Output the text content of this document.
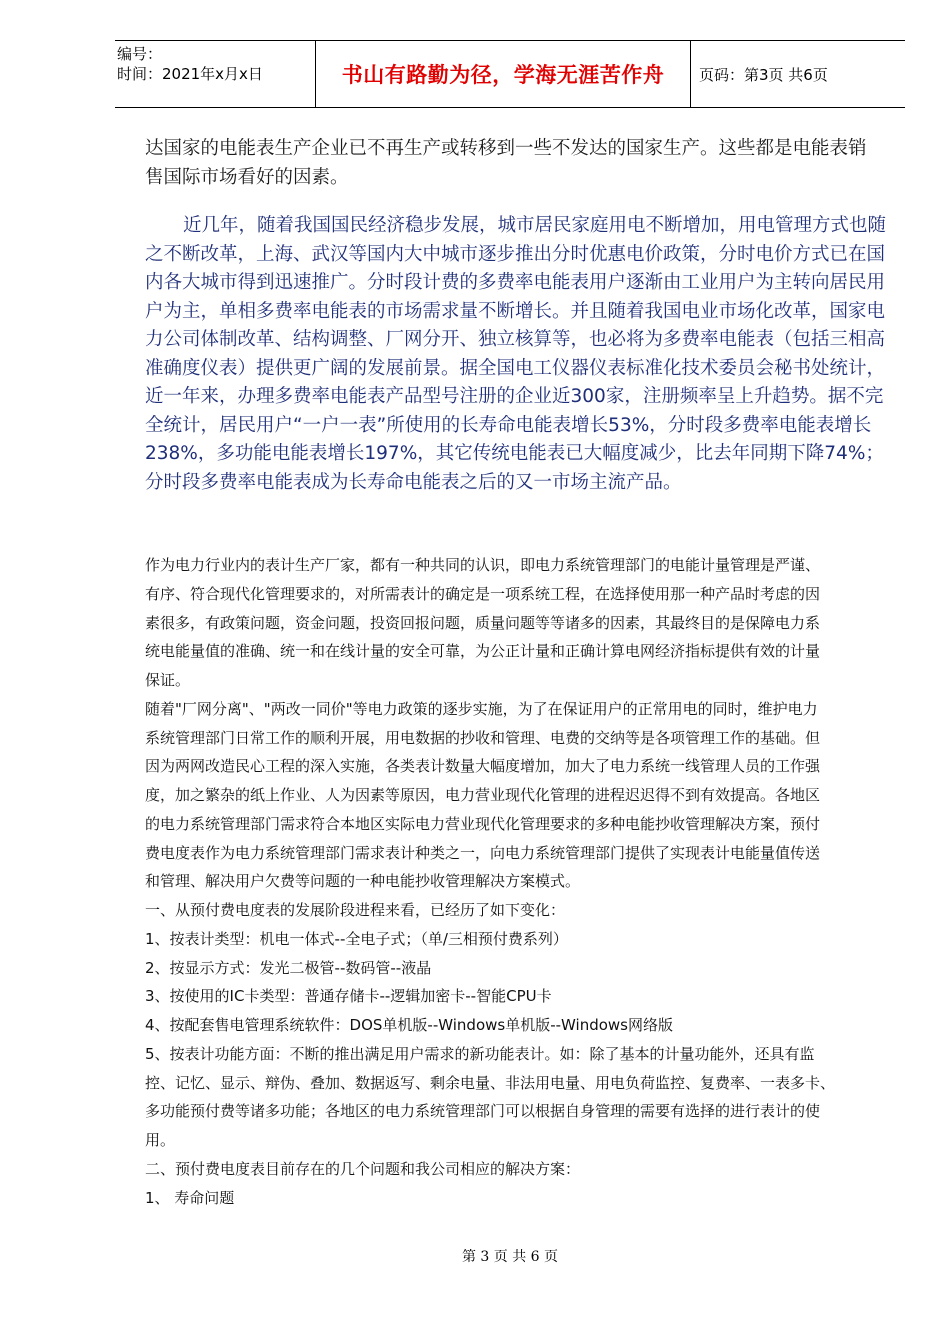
编号：
时间：2021年x月x日	书山有路勤为径，学海无涯苦作舟	页码：第3页 共6页
达国家的电能表生产企业已不再生产或转移到一些不发达的国家生产。这些都是电能表销售国际市场看好的因素。
近几年，随着我国国民经济稳步发展，城市居民家庭用电不断增加，用电管理方式也随之不断改革，上海、武汉等国内大中城市逐步推出分时优惠电价政策，分时电价方式已在国内各大城市得到迅速推广。分时段计费的多费率电能表用户逐渐由工业用户为主转向居民用户为主，单相多费率电能表的市场需求量不断增长。并且随着我国电业市场化改革，国家电力公司体制改革、结构调整、厂网分开、独立核算等，也必将为多费率电能表（包括三相高准确度仪表）提供更广阔的发展前景。据全国电工仪器仪表标准化技术委员会秘书处统计，近一年来，办理多费率电能表产品型号注册的企业近300家，注册频率呈上升趋势。据不完全统计，居民用户“一户一表”所使用的长寿命电能表增长53%，分时段多费率电能表增长238%，多功能电能表增长197%，其它传统电能表已大幅度减少，比去年同期下降74%；分时段多费率电能表成为长寿命电能表之后的又一市场主流产品。
作为电力行业内的表计生产厂家，都有一种共同的认识，即电力系统管理部门的电能计量管理是严谨、
有序、符合现代化管理要求的，对所需表计的确定是一项系统工程，在选择使用那一种产品时考虑的因
素很多，有政策问题，资金问题，投资回报问题，质量问题等等诸多的因素，其最终目的是保障电力系
统电能量值的准确、统一和在线计量的安全可靠，为公正计量和正确计算电网经济指标提供有效的计量
保证。
随着"厂网分离"、"两改一同价"等电力政策的逐步实施，为了在保证用户的正常用电的同时，维护电力
系统管理部门日常工作的顺利开展，用电数据的抄收和管理、电费的交纳等是各项管理工作的基础。但
因为两网改造民心工程的深入实施，各类表计数量大幅度增加，加大了电力系统一线管理人员的工作强
度，加之繁杂的纸上作业、人为因素等原因，电力营业现代化管理的进程迟迟得不到有效提高。各地区
的电力系统管理部门需求符合本地区实际电力营业现代化管理要求的多种电能抄收管理解决方案，预付
费电度表作为电力系统管理部门需求表计种类之一，向电力系统管理部门提供了实现表计电能量值传送
和管理、解决用户欠费等问题的一种电能抄收管理解决方案模式。
一、从预付费电度表的发展阶段进程来看，已经历了如下变化：
1、按表计类型：机电一体式--全电子式；（单/三相预付费系列）
2、按显示方式：发光二极管--数码管--液晶
3、按使用的IC卡类型：普通存储卡--逻辑加密卡--智能CPU卡
4、按配套售电管理系统软件：DOS单机版--Windows单机版--Windows网络版
5、按表计功能方面：不断的推出满足用户需求的新功能表计。如：除了基本的计量功能外，还具有监
控、记忆、显示、辩伪、叠加、数据返写、剩余电量、非法用电量、用电负荷监控、复费率、一表多卡、
多功能预付费等诸多功能；各地区的电力系统管理部门可以根据自身管理的需要有选择的进行表计的使
用。
二、预付费电度表目前存在的几个问题和我公司相应的解决方案：
1、 寿命问题
第 3 页 共 6 页
